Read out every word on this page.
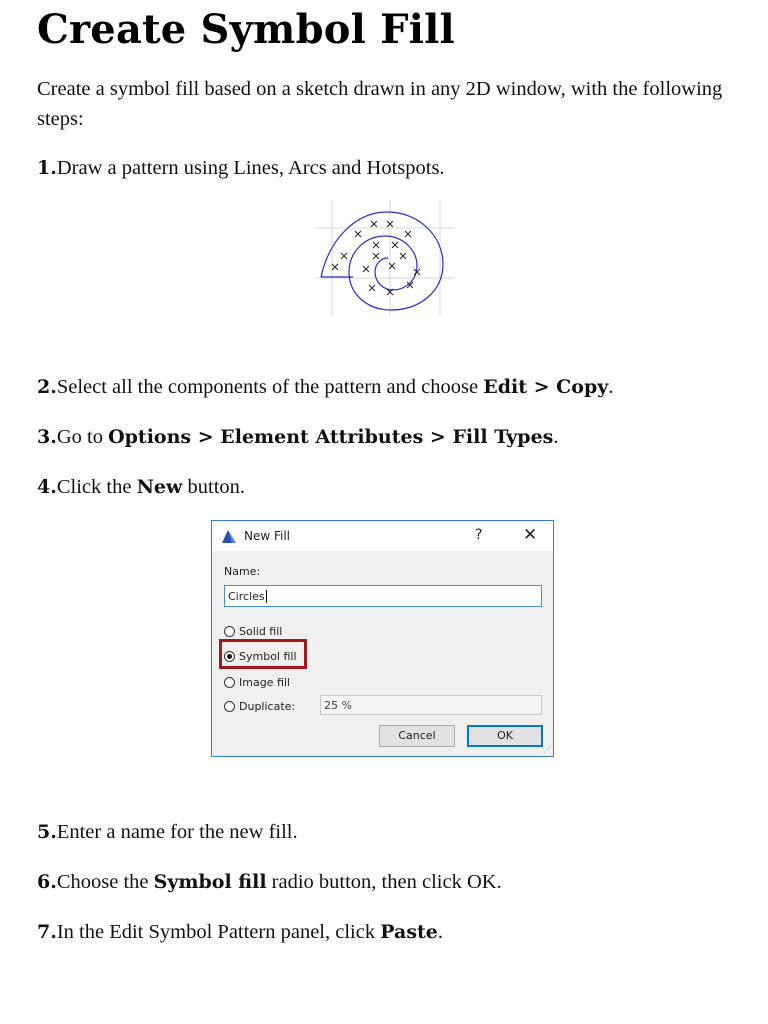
Create Symbol Fill

Create a symbol fill based on a sketch drawn in any 2D window, with the following steps:

1.Draw a pattern using Lines, Arcs and Hotspots.

2.Select all the components of the pattern and choose Edit > Copy.

3.Go to Options > Element Attributes > Fill Types.

4.Click the New button.

New Fill	? ✕
Name:
Circles
Solid fill
Symbol fill
Image fill
Duplicate:	25 %
Cancel	OK
⋰

5.Enter a name for the new fill.

6.Choose the Symbol fill radio button, then click OK.

7.In the Edit Symbol Pattern panel, click Paste.
